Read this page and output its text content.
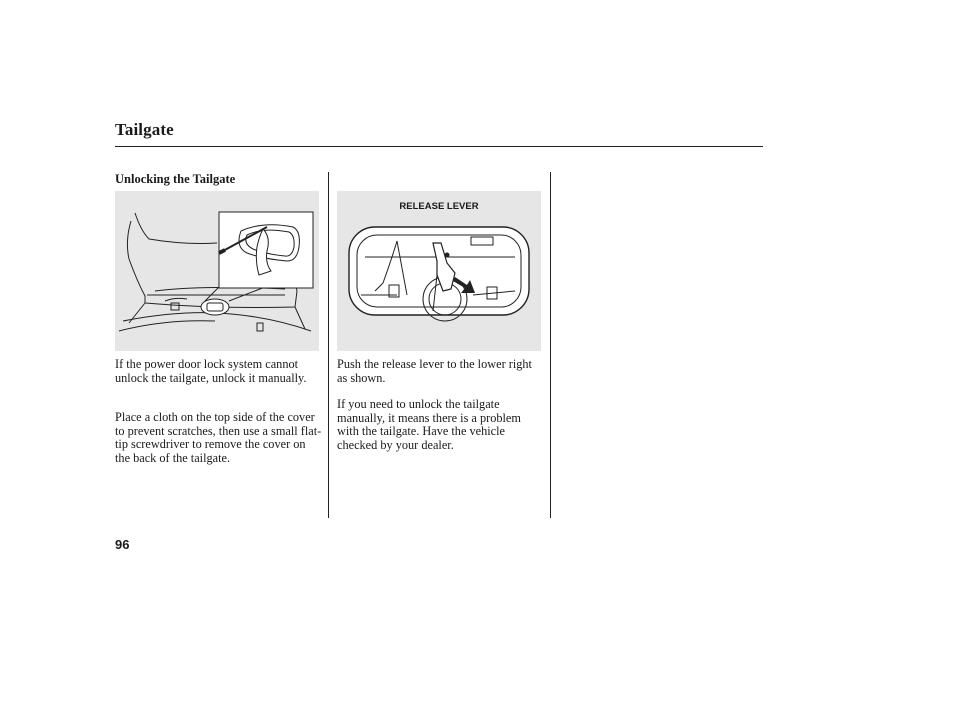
Tailgate
Unlocking the Tailgate
RELEASE LEVER

If the power door lock system cannot unlock the tailgate, unlock it manually.

Place a cloth on the top side of the cover to prevent scratches, then use a small flat-tip screwdriver to remove the cover on the back of the tailgate.

Push the release lever to the lower right as shown.

If you need to unlock the tailgate manually, it means there is a problem with the tailgate. Have the vehicle checked by your dealer.

96
